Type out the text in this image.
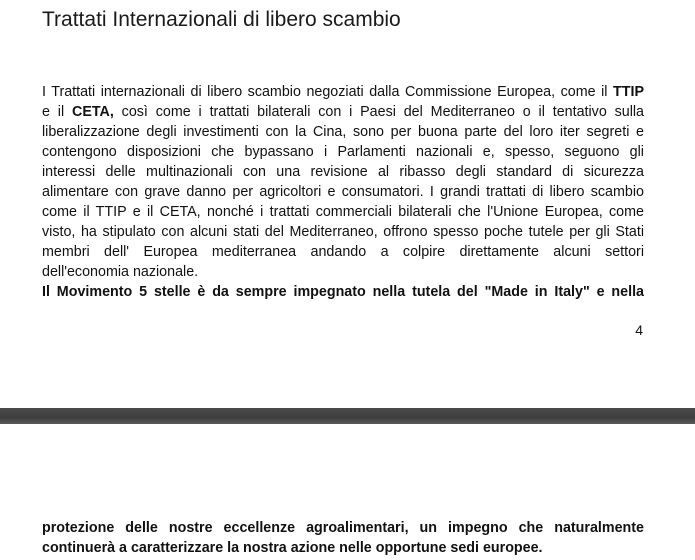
Trattati Internazionali di libero scambio
I Trattati internazionali di libero scambio negoziati dalla Commissione Europea, come il TTIP
e il CETA, così come i trattati bilaterali con i Paesi del Mediterraneo o il tentativo sulla
liberalizzazione degli investimenti con la Cina, sono per buona parte del loro iter segreti e
contengono disposizioni che bypassano i Parlamenti nazionali e, spesso, seguono gli
interessi delle multinazionali con una revisione al ribasso degli standard di sicurezza
alimentare con grave danno per agricoltori e consumatori. I grandi trattati di libero scambio
come il TTIP e il CETA, nonché i trattati commerciali bilaterali che l'Unione Europea, come
visto, ha stipulato con alcuni stati del Mediterraneo, offrono spesso poche tutele per gli Stati
membri dell' Europea mediterranea andando a colpire direttamente alcuni settori
dell'economia nazionale.
Il Movimento 5 stelle è da sempre impegnato nella tutela del "Made in Italy" e nella
4
protezione delle nostre eccellenze agroalimentari, un impegno che naturalmente
continuerà a caratterizzare la nostra azione nelle opportune sedi europee.
